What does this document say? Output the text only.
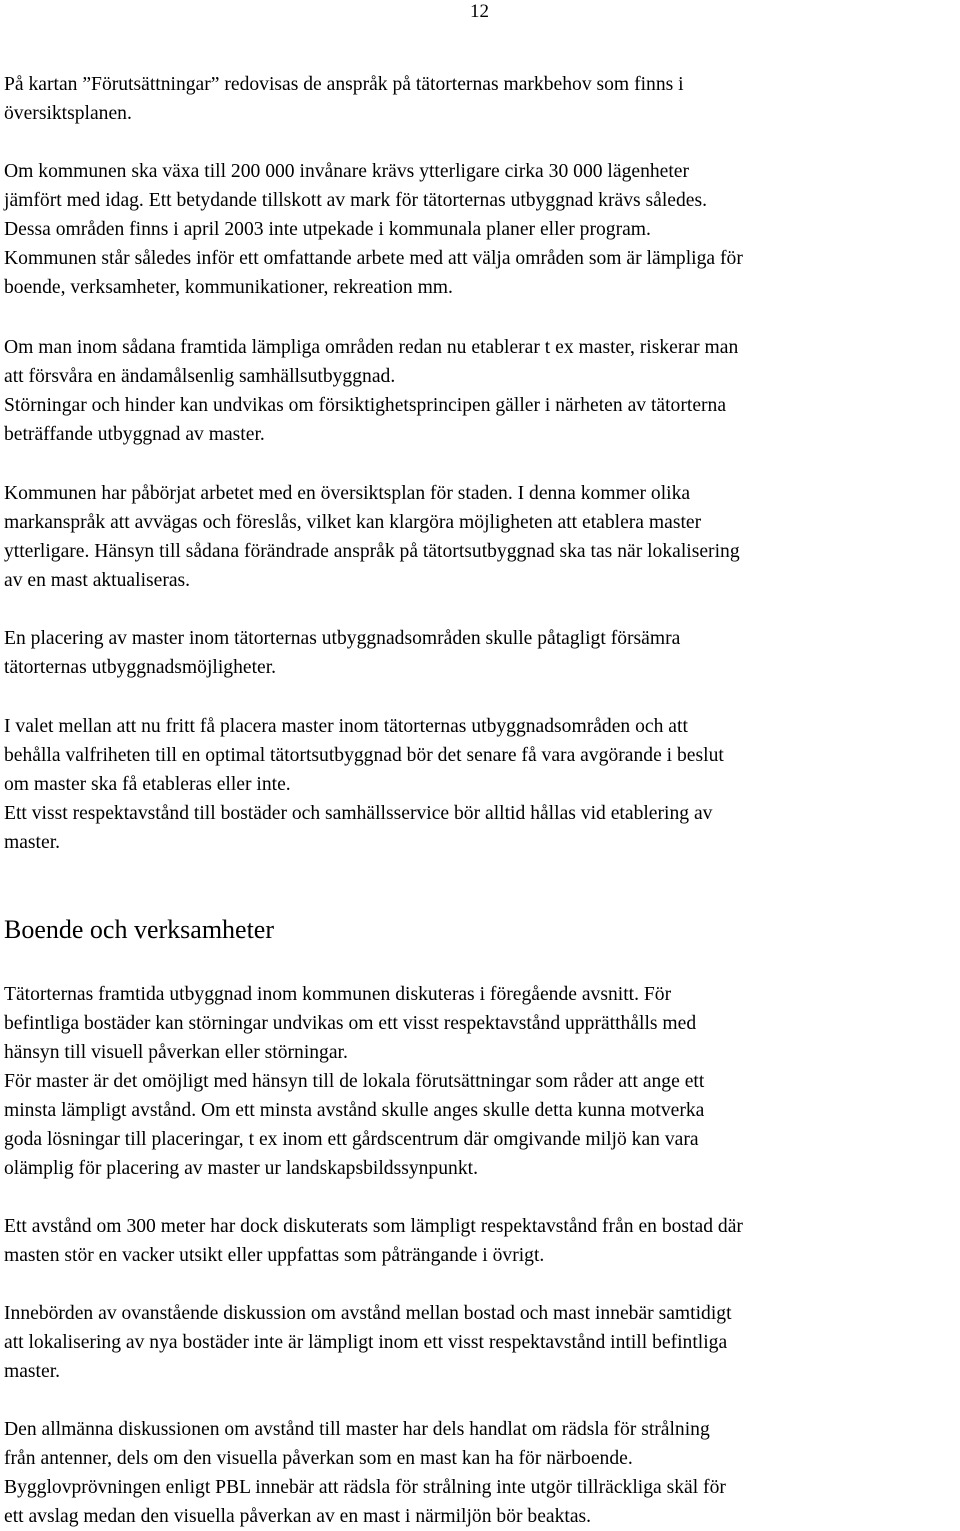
12
På kartan ”Förutsättningar” redovisas de anspråk på tätorternas markbehov som finns i
översiktsplanen.
Om kommunen ska växa till 200 000 invånare krävs ytterligare cirka 30 000 lägenheter
jämfört med idag. Ett betydande tillskott av mark för tätorternas utbyggnad krävs således.
Dessa områden finns i april 2003 inte utpekade i kommunala planer eller program.
Kommunen står således inför ett omfattande arbete med att välja områden som är lämpliga för
boende, verksamheter, kommunikationer, rekreation mm.
Om man inom sådana framtida lämpliga områden redan nu etablerar t ex master, riskerar man
att försvåra en ändamålsenlig samhällsutbyggnad.
Störningar och hinder kan undvikas om försiktighetsprincipen gäller i närheten av tätorterna
beträffande utbyggnad av master.
Kommunen har påbörjat arbetet med en översiktsplan för staden. I denna kommer olika
markanspråk att avvägas och föreslås, vilket kan klargöra möjligheten att etablera master
ytterligare. Hänsyn till sådana förändrade anspråk på tätortsutbyggnad ska tas när lokalisering
av en mast aktualiseras.
En placering av master inom tätorternas utbyggnadsområden skulle påtagligt försämra
tätorternas utbyggnadsmöjligheter.
I valet mellan att nu fritt få placera master inom tätorternas utbyggnadsområden och att
behålla valfriheten till en optimal tätortsutbyggnad bör det senare få vara avgörande i beslut
om master ska få etableras eller inte.
Ett visst respektavstånd till bostäder och samhällsservice bör alltid hållas vid etablering av
master.
Boende och verksamheter
Tätorternas framtida utbyggnad inom kommunen diskuteras i föregående avsnitt. För
befintliga bostäder kan störningar undvikas om ett visst respektavstånd upprätthålls med
hänsyn till visuell påverkan eller störningar.
För master är det omöjligt med hänsyn till de lokala förutsättningar som råder att ange ett
minsta lämpligt avstånd. Om ett minsta avstånd skulle anges skulle detta kunna motverka
goda lösningar till placeringar, t ex inom ett gårdscentrum där omgivande miljö kan vara
olämplig för placering av master ur landskapsbildssynpunkt.
Ett avstånd om 300 meter har dock diskuterats som lämpligt respektavstånd från en bostad där
masten stör en vacker utsikt eller uppfattas som påträngande i övrigt.
Innebörden av ovanstående diskussion om avstånd mellan bostad och mast innebär samtidigt
att lokalisering av nya bostäder inte är lämpligt inom ett visst respektavstånd intill befintliga
master.
Den allmänna diskussionen om avstånd till master har dels handlat om rädsla för strålning
från antenner, dels om den visuella påverkan som en mast kan ha för närboende.
Bygglovprövningen enligt PBL innebär att rädsla för strålning inte utgör tillräckliga skäl för
ett avslag medan den visuella påverkan av en mast i närmiljön bör beaktas.
